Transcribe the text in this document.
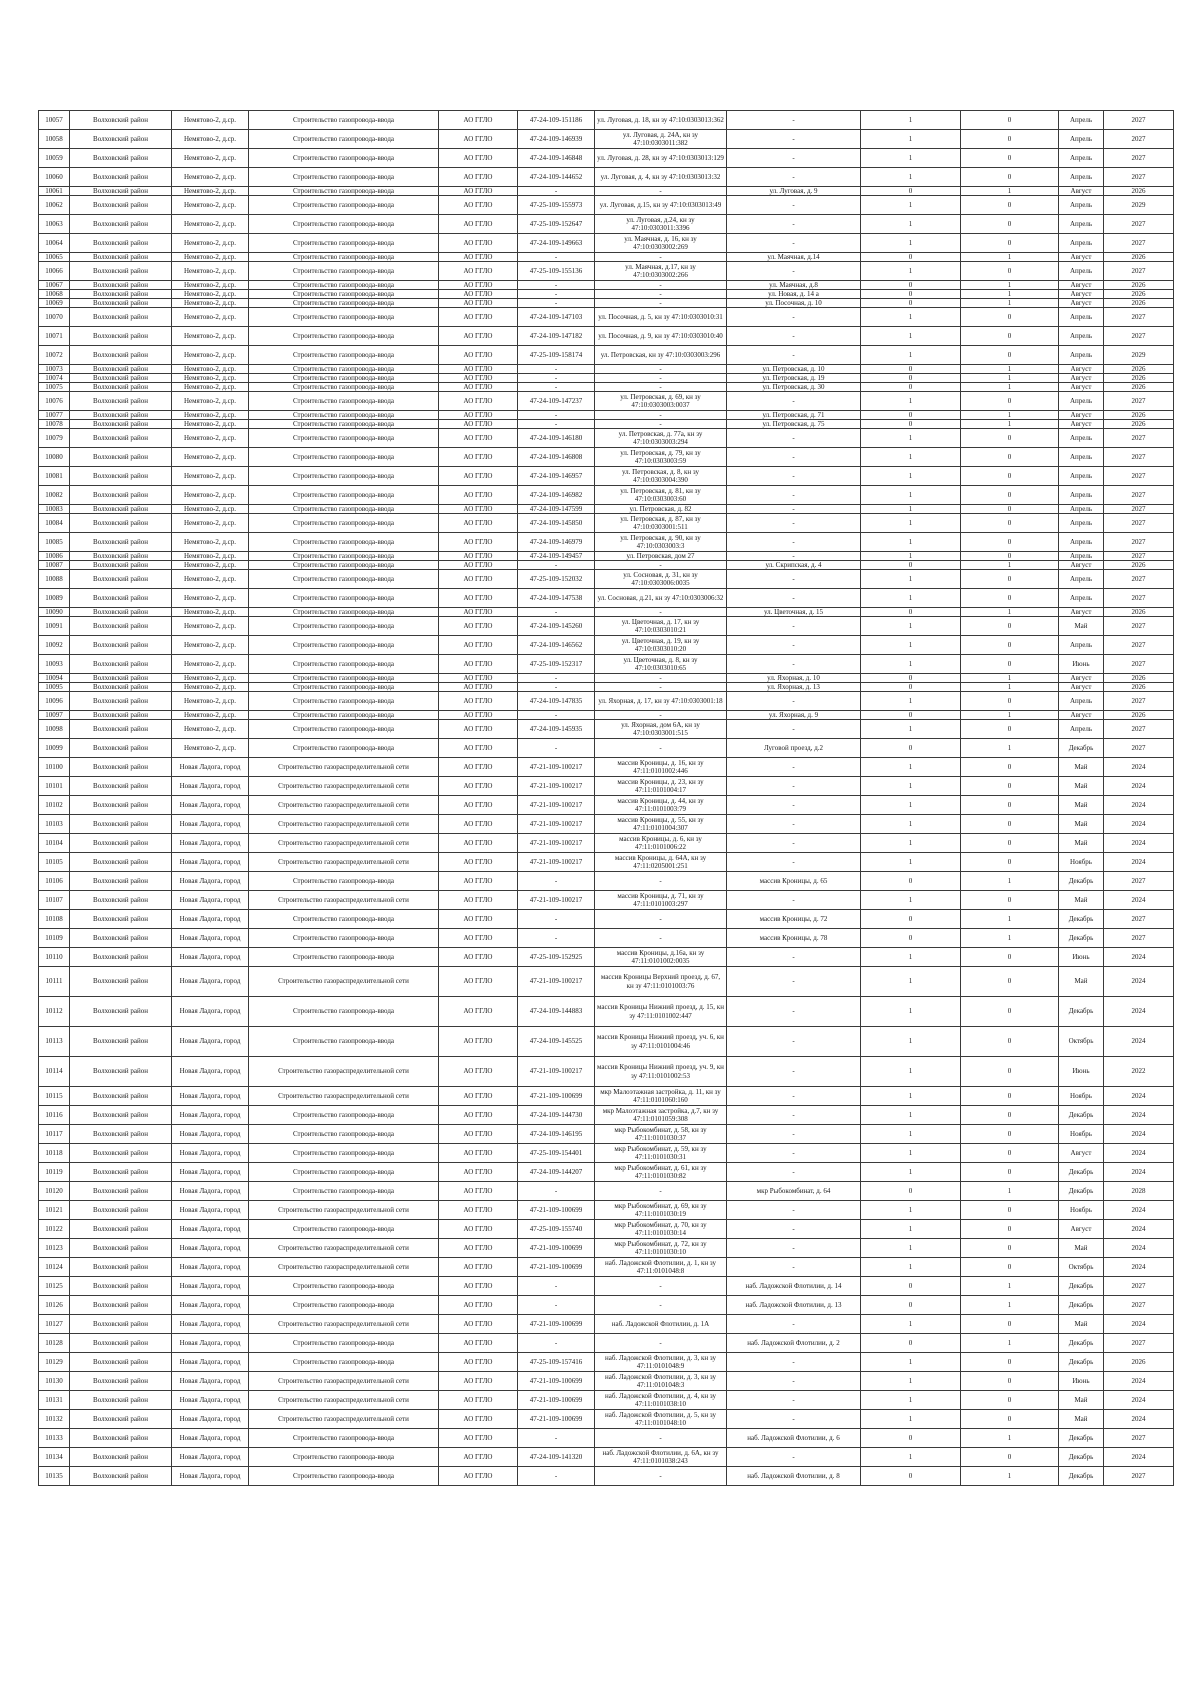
10057	Волховский район	Немятово-2, д.ср.	Строительство газопровода-ввода	АО ГГЛО	47-24-109-151186	ул. Луговая, д. 18, кн зу 47:10:0303013:362	-	1	0	Апрель	2027
10058	Волховский район	Немятово-2, д.ср.	Строительство газопровода-ввода	АО ГГЛО	47-24-109-146939	ул. Луговая, д. 24А, кн зу 47:10:0303011:382	-	1	0	Апрель	2027
10059	Волховский район	Немятово-2, д.ср.	Строительство газопровода-ввода	АО ГГЛО	47-24-109-146848	ул. Луговая, д. 28, кн зу 47:10:0303013:129	-	1	0	Апрель	2027
10060	Волховский район	Немятово-2, д.ср.	Строительство газопровода-ввода	АО ГГЛО	47-24-109-144652	ул. Луговая, д. 4, кн зу 47:10:0303013:32	-	1	0	Апрель	2027
10061	Волховский район	Немятово-2, д.ср.	Строительство газопровода-ввода	АО ГГЛО	-	-	ул. Луговая, д. 9	0	1	Август	2026
10062	Волховский район	Немятово-2, д.ср.	Строительство газопровода-ввода	АО ГГЛО	47-25-109-155973	ул. Луговая, д.15, кн зу 47:10:0303013:49	-	1	0	Апрель	2029
10063	Волховский район	Немятово-2, д.ср.	Строительство газопровода-ввода	АО ГГЛО	47-25-109-152647	ул. Луговая, д.24, кн зу 47:10:0303011:3396	-	1	0	Апрель	2027
10064	Волховский район	Немятово-2, д.ср.	Строительство газопровода-ввода	АО ГГЛО	47-24-109-149663	ул. Маячная, д. 16, кн зу 47:10:0303002:269	-	1	0	Апрель	2027
10065	Волховский район	Немятово-2, д.ср.	Строительство газопровода-ввода	АО ГГЛО	-	-	ул. Маячная, д.14	0	1	Август	2026
10066	Волховский район	Немятово-2, д.ср.	Строительство газопровода-ввода	АО ГГЛО	47-25-109-155136	ул. Маячная, д.17, кн зу 47:10:0303002:266	-	1	0	Апрель	2027
10067	Волховский район	Немятово-2, д.ср.	Строительство газопровода-ввода	АО ГГЛО	-	-	ул. Маячная, д.8	0	1	Август	2026
10068	Волховский район	Немятово-2, д.ср.	Строительство газопровода-ввода	АО ГГЛО	-	-	ул. Новая, д. 14 а	0	1	Август	2026
10069	Волховский район	Немятово-2, д.ср.	Строительство газопровода-ввода	АО ГГЛО	-	-	ул. Посочная, д. 10	0	1	Август	2026
10070	Волховский район	Немятово-2, д.ср.	Строительство газопровода-ввода	АО ГГЛО	47-24-109-147103	ул. Посочная, д. 5, кн зу 47:10:0303010:31	-	1	0	Апрель	2027
10071	Волховский район	Немятово-2, д.ср.	Строительство газопровода-ввода	АО ГГЛО	47-24-109-147182	ул. Посочная, д. 9, кн зу 47:10:0303010:40	-	1	0	Апрель	2027
10072	Волховский район	Немятово-2, д.ср.	Строительство газопровода-ввода	АО ГГЛО	47-25-109-158174	ул. Петровская, кн зу 47:10:0303003:296	-	1	0	Апрель	2029
10073	Волховский район	Немятово-2, д.ср.	Строительство газопровода-ввода	АО ГГЛО	-	-	ул. Петровская, д. 10	0	1	Август	2026
10074	Волховский район	Немятово-2, д.ср.	Строительство газопровода-ввода	АО ГГЛО	-	-	ул. Петровская, д. 19	0	1	Август	2026
10075	Волховский район	Немятово-2, д.ср.	Строительство газопровода-ввода	АО ГГЛО	-	-	ул. Петровская, д. 30	0	1	Август	2026
10076	Волховский район	Немятово-2, д.ср.	Строительство газопровода-ввода	АО ГГЛО	47-24-109-147237	ул. Петровская, д. 69, кн зу 47:10:0303003:0037	-	1	0	Апрель	2027
10077	Волховский район	Немятово-2, д.ср.	Строительство газопровода-ввода	АО ГГЛО	-	-	ул. Петровская, д. 71	0	1	Август	2026
10078	Волховский район	Немятово-2, д.ср.	Строительство газопровода-ввода	АО ГГЛО	-	-	ул. Петровская, д. 75	0	1	Август	2026
10079	Волховский район	Немятово-2, д.ср.	Строительство газопровода-ввода	АО ГГЛО	47-24-109-146180	ул. Петровская, д. 77а, кн зу 47:10:0303003:294	-	1	0	Апрель	2027
10080	Волховский район	Немятово-2, д.ср.	Строительство газопровода-ввода	АО ГГЛО	47-24-109-146808	ул. Петровская, д. 79, кн зу 47:10:0303003:59	-	1	0	Апрель	2027
10081	Волховский район	Немятово-2, д.ср.	Строительство газопровода-ввода	АО ГГЛО	47-24-109-146957	ул. Петровская, д. 8, кн зу 47:10:0303004:390	-	1	0	Апрель	2027
10082	Волховский район	Немятово-2, д.ср.	Строительство газопровода-ввода	АО ГГЛО	47-24-109-146982	ул. Петровская, д. 81, кн зу 47:10:0303003:60	-	1	0	Апрель	2027
10083	Волховский район	Немятово-2, д.ср.	Строительство газопровода-ввода	АО ГГЛО	47-24-109-147599	ул. Петровская, д. 82	-	1	0	Апрель	2027
10084	Волховский район	Немятово-2, д.ср.	Строительство газопровода-ввода	АО ГГЛО	47-24-109-145850	ул. Петровская, д. 87, кн зу 47:10:0303001:511	-	1	0	Апрель	2027
10085	Волховский район	Немятово-2, д.ср.	Строительство газопровода-ввода	АО ГГЛО	47-24-109-146979	ул. Петровская, д. 90, кн зу 47:10:0303003:3	-	1	0	Апрель	2027
10086	Волховский район	Немятово-2, д.ср.	Строительство газопровода-ввода	АО ГГЛО	47-24-109-149457	ул. Петровская, дом 27	-	1	0	Апрель	2027
10087	Волховский район	Немятово-2, д.ср.	Строительство газопровода-ввода	АО ГГЛО	-	-	ул. Скрипская, д. 4	0	1	Август	2026
10088	Волховский район	Немятово-2, д.ср.	Строительство газопровода-ввода	АО ГГЛО	47-25-109-152032	ул. Сосновая, д. 31, кн зу 47:10:0303006:0035	-	1	0	Апрель	2027
10089	Волховский район	Немятово-2, д.ср.	Строительство газопровода-ввода	АО ГГЛО	47-24-109-147538	ул. Сосновая, д.21, кн зу 47:10:0303006:32	-	1	0	Апрель	2027
10090	Волховский район	Немятово-2, д.ср.	Строительство газопровода-ввода	АО ГГЛО	-	-	ул. Цветочная, д. 15	0	1	Август	2026
10091	Волховский район	Немятово-2, д.ср.	Строительство газопровода-ввода	АО ГГЛО	47-24-109-145260	ул. Цветочная, д. 17, кн зу 47:10:0303010:21	-	1	0	Май	2027
10092	Волховский район	Немятово-2, д.ср.	Строительство газопровода-ввода	АО ГГЛО	47-24-109-146562	ул. Цветочная, д. 19, кн зу 47:10:0303010:20	-	1	0	Апрель	2027
10093	Волховский район	Немятово-2, д.ср.	Строительство газопровода-ввода	АО ГГЛО	47-25-109-152317	ул. Цветочная, д. 8, кн зу 47:10:0303010:65	-	1	0	Июнь	2027
10094	Волховский район	Немятово-2, д.ср.	Строительство газопровода-ввода	АО ГГЛО	-	-	ул. Яхорная, д. 10	0	1	Август	2026
10095	Волховский район	Немятово-2, д.ср.	Строительство газопровода-ввода	АО ГГЛО	-	-	ул. Яхорная, д. 13	0	1	Август	2026
10096	Волховский район	Немятово-2, д.ср.	Строительство газопровода-ввода	АО ГГЛО	47-24-109-147835	ул. Яхорная, д. 17, кн зу 47:10:0303001:18	-	1	0	Апрель	2027
10097	Волховский район	Немятово-2, д.ср.	Строительство газопровода-ввода	АО ГГЛО	-	-	ул. Яхорная, д. 9	0	1	Август	2026
10098	Волховский район	Немятово-2, д.ср.	Строительство газопровода-ввода	АО ГГЛО	47-24-109-145935	ул. Яхорная, дом 6А, кн зу 47:10:0303001:515	-	1	0	Апрель	2027
10099	Волховский район	Немятово-2, д.ср.	Строительство газопровода-ввода	АО ГГЛО	-	-	Луговой проезд, д.2	0	1	Декабрь	2027
10100	Волховский район	Новая Ладога, город	Строительство газораспределительной сети	АО ГГЛО	47-21-109-100217	массив Кроницы, д. 16, кн зу 47:11:0101002:446	-	1	0	Май	2024
10101	Волховский район	Новая Ладога, город	Строительство газораспределительной сети	АО ГГЛО	47-21-109-100217	массив Кроницы, д. 23, кн зу 47:11:0101004:17	-	1	0	Май	2024
10102	Волховский район	Новая Ладога, город	Строительство газораспределительной сети	АО ГГЛО	47-21-109-100217	массив Кроницы, д. 44, кн зу 47:11:0101003:79	-	1	0	Май	2024
10103	Волховский район	Новая Ладога, город	Строительство газораспределительной сети	АО ГГЛО	47-21-109-100217	массив Кроницы, д. 55, кн зу 47:11:0101004:307	-	1	0	Май	2024
10104	Волховский район	Новая Ладога, город	Строительство газораспределительной сети	АО ГГЛО	47-21-109-100217	массив Кроницы, д. 6, кн зу 47:11:0101006:22	-	1	0	Май	2024
10105	Волховский район	Новая Ладога, город	Строительство газораспределительной сети	АО ГГЛО	47-21-109-100217	массив Кроницы, д. 64А, кн зу 47:11:0205001:251	-	1	0	Ноябрь	2024
10106	Волховский район	Новая Ладога, город	Строительство газопровода-ввода	АО ГГЛО	-	-	массив Кроницы, д. 65	0	1	Декабрь	2027
10107	Волховский район	Новая Ладога, город	Строительство газораспределительной сети	АО ГГЛО	47-21-109-100217	массив Кроницы, д. 71, кн зу 47:11:0101003:297	-	1	0	Май	2024
10108	Волховский район	Новая Ладога, город	Строительство газопровода-ввода	АО ГГЛО	-	-	массив Кроницы, д. 72	0	1	Декабрь	2027
10109	Волховский район	Новая Ладога, город	Строительство газопровода-ввода	АО ГГЛО	-	-	массив Кроницы, д. 78	0	1	Декабрь	2027
10110	Волховский район	Новая Ладога, город	Строительство газопровода-ввода	АО ГГЛО	47-25-109-152925	массив Кроницы, д.16а, кн зу 47:11:0101002:0035	-	1	0	Июнь	2024
10111	Волховский район	Новая Ладога, город	Строительство газораспределительной сети	АО ГГЛО	47-21-109-100217	массив Кроницы Верхний проезд, д. 67, кн зу 47:11:0101003:76	-	1	0	Май	2024
10112	Волховский район	Новая Ладога, город	Строительство газопровода-ввода	АО ГГЛО	47-24-109-144883	массив Кроницы Нижний проезд, д. 15, кн зу 47:11:0101002:447	-	1	0	Декабрь	2024
10113	Волховский район	Новая Ладога, город	Строительство газопровода-ввода	АО ГГЛО	47-24-109-145525	массив Кроницы Нижний проезд, уч. 6, кн зу 47:11:0101004:46	-	1	0	Октябрь	2024
10114	Волховский район	Новая Ладога, город	Строительство газораспределительной сети	АО ГГЛО	47-21-109-100217	массив Кроницы Нижний проезд, уч. 9, кн зу 47:11:0101002:53	-	1	0	Июнь	2022
10115	Волховский район	Новая Ладога, город	Строительство газораспределительной сети	АО ГГЛО	47-21-109-100699	мкр Малоэтажная застройка, д. 11, кн зу 47:11:0101060:160	-	1	0	Ноябрь	2024
10116	Волховский район	Новая Ладога, город	Строительство газопровода-ввода	АО ГГЛО	47-24-109-144730	мкр Малоэтажная застройка, д.7, кн зу 47:11:0101059:308	-	1	0	Декабрь	2024
10117	Волховский район	Новая Ладога, город	Строительство газопровода-ввода	АО ГГЛО	47-24-109-146195	мкр Рыбокомбинат, д. 58, кн зу 47:11:0101030:37	-	1	0	Ноябрь	2024
10118	Волховский район	Новая Ладога, город	Строительство газопровода-ввода	АО ГГЛО	47-25-109-154401	мкр Рыбокомбинат, д. 59, кн зу 47:11:0101030:31	-	1	0	Август	2024
10119	Волховский район	Новая Ладога, город	Строительство газопровода-ввода	АО ГГЛО	47-24-109-144207	мкр Рыбокомбинат, д. 61, кн зу 47:11:0101030:82	-	1	0	Декабрь	2024
10120	Волховский район	Новая Ладога, город	Строительство газопровода-ввода	АО ГГЛО	-	-	мкр Рыбокомбинат, д. 64	0	1	Декабрь	2028
10121	Волховский район	Новая Ладога, город	Строительство газораспределительной сети	АО ГГЛО	47-21-109-100699	мкр Рыбокомбинат, д. 69, кн зу 47:11:0101030:19	-	1	0	Ноябрь	2024
10122	Волховский район	Новая Ладога, город	Строительство газопровода-ввода	АО ГГЛО	47-25-109-155740	мкр Рыбокомбинат, д. 70, кн зу 47:11:0101030:14	-	1	0	Август	2024
10123	Волховский район	Новая Ладога, город	Строительство газораспределительной сети	АО ГГЛО	47-21-109-100699	мкр Рыбокомбинат, д. 72, кн зу 47:11:0101030:10	-	1	0	Май	2024
10124	Волховский район	Новая Ладога, город	Строительство газораспределительной сети	АО ГГЛО	47-21-109-100699	наб. Ладожской Флотилии, д. 1, кн зу 47:11:0101048:8	-	1	0	Октябрь	2024
10125	Волховский район	Новая Ладога, город	Строительство газопровода-ввода	АО ГГЛО	-	-	наб. Ладожской Флотилии, д. 14	0	1	Декабрь	2027
10126	Волховский район	Новая Ладога, город	Строительство газопровода-ввода	АО ГГЛО	-	-	наб. Ладожской Флотилии, д. 13	0	1	Декабрь	2027
10127	Волховский район	Новая Ладога, город	Строительство газораспределительной сети	АО ГГЛО	47-21-109-100699	наб. Ладожской Флотилии, д. 1А	-	1	0	Май	2024
10128	Волховский район	Новая Ладога, город	Строительство газопровода-ввода	АО ГГЛО	-	-	наб. Ладожской Флотилии, д. 2	0	1	Декабрь	2027
10129	Волховский район	Новая Ладога, город	Строительство газопровода-ввода	АО ГГЛО	47-25-109-157416	наб. Ладожской Флотилии, д. 3, кн зу 47:11:0101048:9	-	1	0	Декабрь	2026
10130	Волховский район	Новая Ладога, город	Строительство газораспределительной сети	АО ГГЛО	47-21-109-100699	наб. Ладожской Флотилии, д. 3, кн зу 47:11:0101048:3	-	1	0	Июнь	2024
10131	Волховский район	Новая Ладога, город	Строительство газораспределительной сети	АО ГГЛО	47-21-109-100699	наб. Ладожской Флотилии, д. 4, кн зу 47:11:0101038:10	-	1	0	Май	2024
10132	Волховский район	Новая Ладога, город	Строительство газораспределительной сети	АО ГГЛО	47-21-109-100699	наб. Ладожской Флотилии, д. 5, кн зу 47:11:0101048:10	-	1	0	Май	2024
10133	Волховский район	Новая Ладога, город	Строительство газопровода-ввода	АО ГГЛО	-	-	наб. Ладожской Флотилии, д. 6	0	1	Декабрь	2027
10134	Волховский район	Новая Ладога, город	Строительство газопровода-ввода	АО ГГЛО	47-24-109-141320	наб. Ладожской Флотилии, д. 6А, кн зу 47:11:0101038:243	-	1	0	Декабрь	2024
10135	Волховский район	Новая Ладога, город	Строительство газопровода-ввода	АО ГГЛО	-	-	наб. Ладожской Флотилии, д. 8	0	1	Декабрь	2027
